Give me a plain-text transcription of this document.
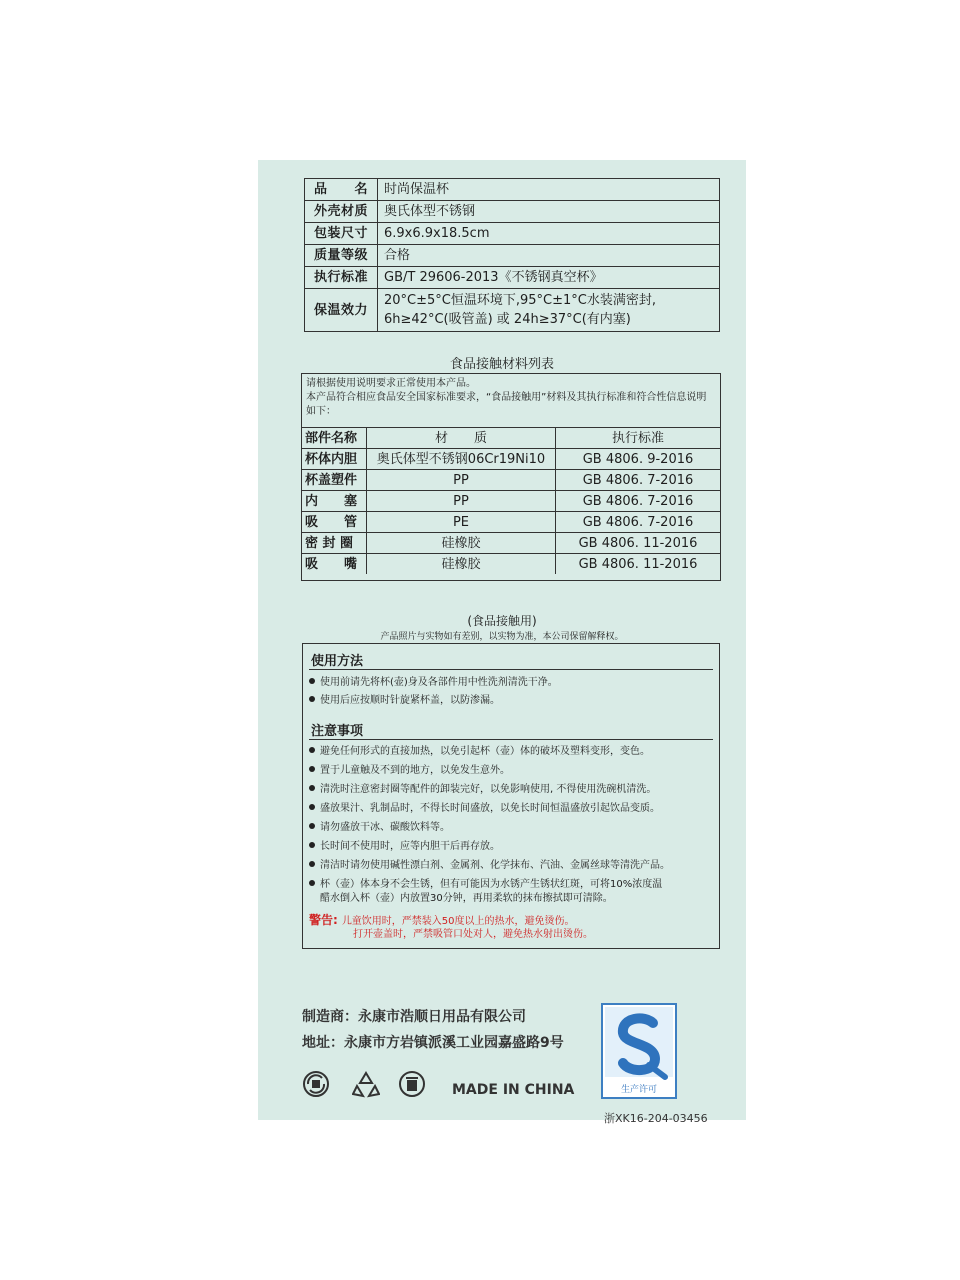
品　　名	时尚保温杯
外壳材质	奥氏体型不锈钢
包装尺寸	6.9x6.9x18.5cm
质量等级	合格
执行标准	GB/T 29606-2013《不锈钢真空杯》
保温效力	20°C±5°C恒温环境下,95°C±1°C水装满密封,
6h≥42°C(吸管盖) 或 24h≥37°C(有内塞)
食品接触材料列表
请根据使用说明要求正常使用本产品。
本产品符合相应食品安全国家标准要求，“食品接触用”材料及其执行标准和符合性信息说明如下：
部件名称	材　　质	执行标准
杯体内胆	奥氏体型不锈钢06Cr19Ni10	GB 4806. 9-2016
杯盖塑件	PP	GB 4806. 7-2016
内　　塞	PP	GB 4806. 7-2016
吸　　管	PE	GB 4806. 7-2016
密 封 圈	硅橡胶	GB 4806. 11-2016
吸　　嘴	硅橡胶	GB 4806. 11-2016
(食品接触用)
产品照片与实物如有差别，以实物为准，本公司保留解释权。
使用方法
使用前请先将杯(壶)身及各部件用中性洗剂清洗干净。
使用后应按顺时针旋紧杯盖，以防渗漏。
注意事项
避免任何形式的直接加热，以免引起杯（壶）体的破坏及塑料变形，变色。
置于儿童触及不到的地方，以免发生意外。
清洗时注意密封圈等配件的卸装完好，以免影响使用, 不得使用洗碗机清洗。
盛放果汁、乳制品时，不得长时间盛放，以免长时间恒温盛放引起饮品变质。
请勿盛放干冰、碳酸饮料等。
长时间不使用时，应等内胆干后再存放。
清洁时请勿使用碱性漂白剂、金属剂、化学抹布、汽油、金属丝球等清洗产品。
杯（壶）体本身不会生锈，但有可能因为水锈产生锈状红斑，可将10%浓度温
醋水倒入杯（壶）内放置30分钟，再用柔软的抹布擦拭即可清除。
警告: 儿童饮用时，严禁装入50度以上的热水，避免烫伤。
打开壶盖时，严禁吸管口处对人，避免热水射出烫伤。
制造商：永康市浩顺日用品有限公司
地址：永康市方岩镇派溪工业园嘉盛路9号
生产许可
MADE IN CHINA
浙XK16-204-03456
